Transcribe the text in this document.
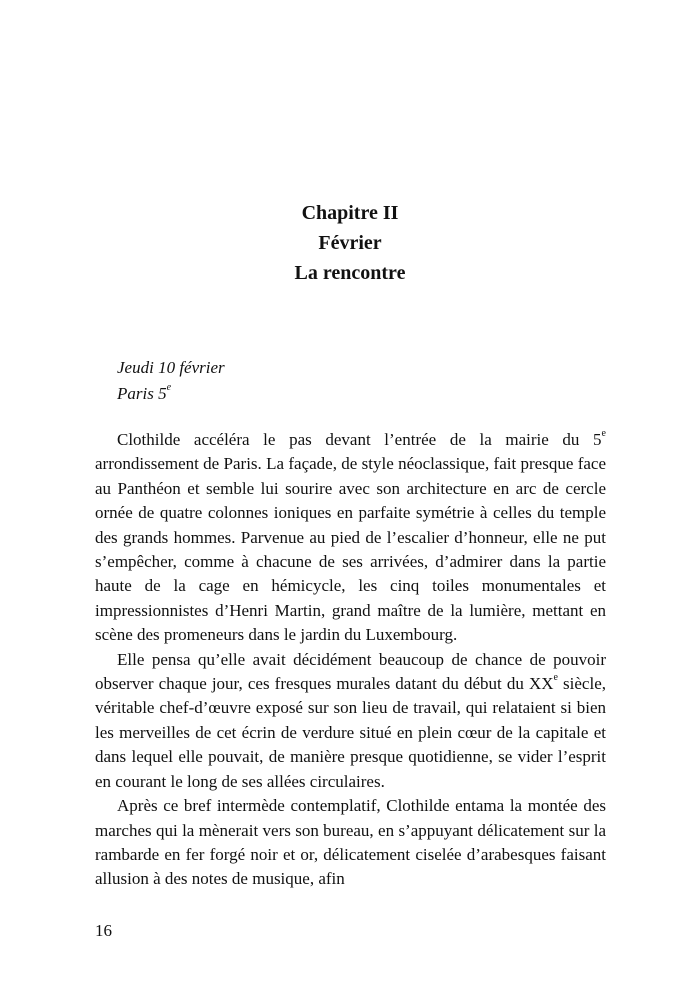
Chapitre II
Février
La rencontre
Jeudi 10 février
Paris 5e

Clothilde accéléra le pas devant l’entrée de la mairie du 5e arrondissement de Paris. La façade, de style néoclassique, fait presque face au Panthéon et semble lui sourire avec son architecture en arc de cercle ornée de quatre colonnes ioniques en parfaite symétrie à celles du temple des grands hommes. Parvenue au pied de l’escalier d’honneur, elle ne put s’empêcher, comme à chacune de ses arrivées, d’admirer dans la partie haute de la cage en hémicycle, les cinq toiles monumentales et impressionnistes d’Henri Martin, grand maître de la lumière, mettant en scène des promeneurs dans le jardin du Luxembourg.

Elle pensa qu’elle avait décidément beaucoup de chance de pouvoir observer chaque jour, ces fresques murales datant du début du XXe siècle, véritable chef-d’œuvre exposé sur son lieu de travail, qui relataient si bien les merveilles de cet écrin de verdure situé en plein cœur de la capitale et dans lequel elle pouvait, de manière presque quotidienne, se vider l’esprit en courant le long de ses allées circulaires.

Après ce bref intermède contemplatif, Clothilde entama la montée des marches qui la mènerait vers son bureau, en s’appuyant délicatement sur la rambarde en fer forgé noir et or, délicatement ciselée d’arabesques faisant allusion à des notes de musique, afin

16
